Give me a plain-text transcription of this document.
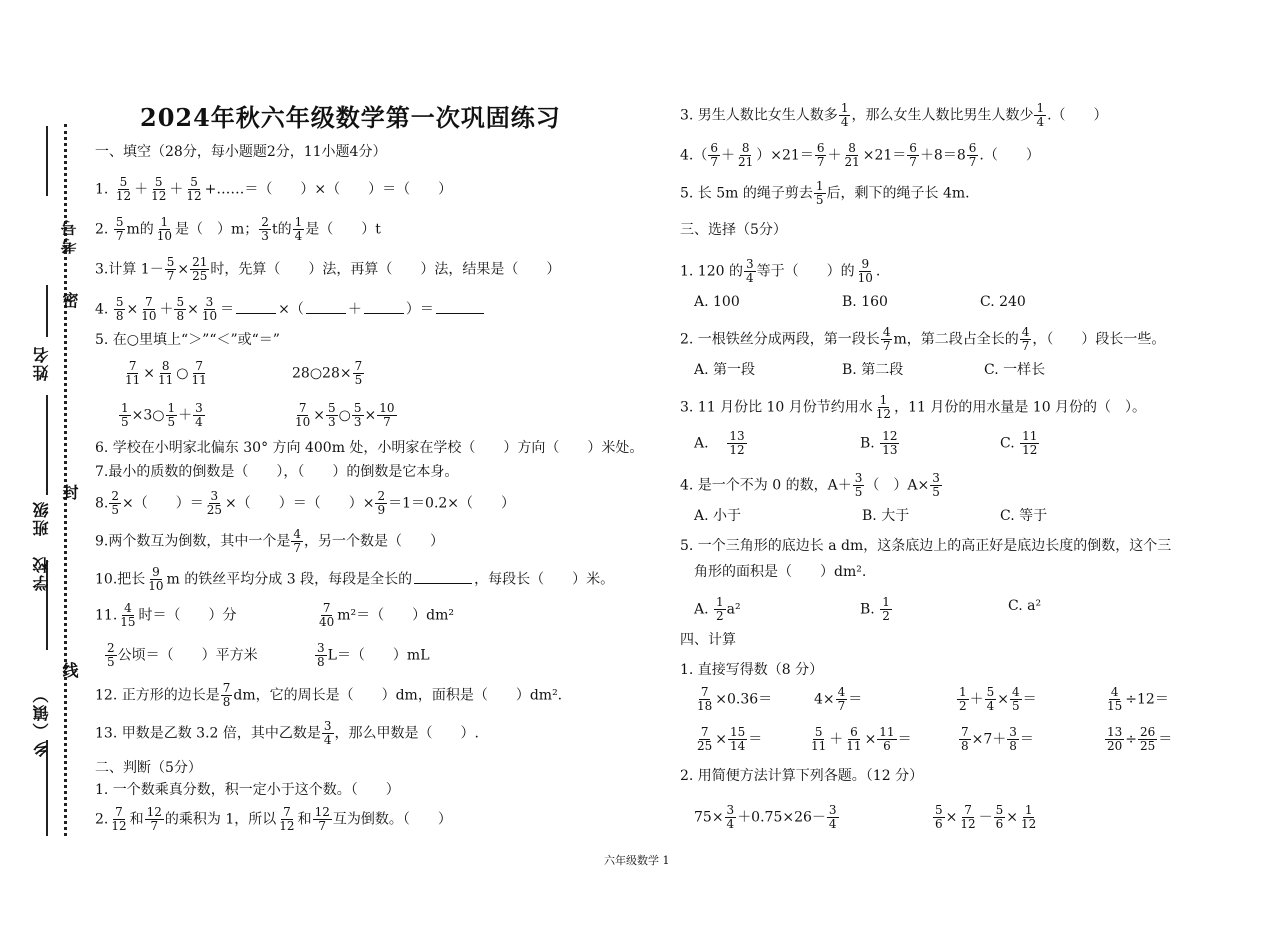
考号
密
姓名
封
班级
学校
线
乡（镇）
2024年秋六年级数学第一次巩固练习
一、填空（28分，每小题题2分，11小题4分）
1. $\frac{5}{12} + \frac{5}{12} + \frac{5}{12}$ +……＝（　　）×（　　）＝（　　）
2. $\frac{5}{7}$ m的 $\frac{1}{10}$ 是（　）m； $\frac{2}{3}$ t的 $\frac{1}{4}$ 是（　　）t
3.计算 $1- \frac{5}{7} \times \frac{21}{25}$ 时，先算（　　）法，再算（　　）法，结果是（　　）
4. $\frac{5}{8} \times \frac{7}{10} + \frac{5}{8} \times \frac{3}{10}$ ＝	×（	＋	）＝
5. 在○里填上“＞”“＜”或“＝”
$\frac{7}{11} \times \frac{8}{11}$ ○ $\frac{7}{11}$	28○28× $\frac{7}{5}$
$\frac{1}{5}$ ×3○ $\frac{1}{5} + \frac{3}{4}$	$\frac{7}{10} \times \frac{5}{3}$ ○ $\frac{5}{3} \times \frac{10}{7}$
6. 学校在小明家北偏东 30° 方向 400m 处，小明家在学校（　　）方向（　　）米处。
7.最小的质数的倒数是（　　），（　　）的倒数是它本身。
8. $\frac{2}{5}$ ×（　　）＝ $\frac{3}{25}$ ×（　　）＝（　　）× $\frac{2}{9} =1=0.2\times$（　　）
9.两个数互为倒数，其中一个是 $\frac{4}{7}$ ，另一个数是（　　）
10.把长 $\frac{9}{10}$ m 的铁丝平均分成 3 段，每段是全长的	，每段长（　　）米。
11. $\frac{4}{15}$ 时＝（　　）分	$\frac{7}{40} m^2=$（　　）dm²
$\frac{2}{5}$ 公顷＝（　　）平方米	$\frac{3}{8} L=$（　　）mL
12. 正方形的边长是 $\frac{7}{8}$ dm，它的周长是（　　）dm，面积是（　　）dm².
13. 甲数是乙数 3.2 倍，其中乙数是 $\frac{3}{4}$ ，那么甲数是（　　）.
二、判断（5分）
1. 一个数乘真分数，积一定小于这个数。（　　）
2. $\frac{7}{12}$ 和 $\frac{12}{7}$ 的乘积为 1，所以 $\frac{7}{12}$ 和 $\frac{12}{7}$ 互为倒数。（　　）
3. 男生人数比女生人数多 $\frac{1}{4}$ ，那么女生人数比男生人数少 $\frac{1}{4}$ .（　　）
$4.( \frac{6}{7} + \frac{8}{21} )\times 21= \frac{6}{7} + \frac{8}{21} \times 21= \frac{6}{7} +8=8 \frac{6}{7}$ .（　　）
5. 长 5m 的绳子剪去 $\frac{1}{5}$ 后，剩下的绳子长 4m.
三、选择（5分）
1. 120 的 $\frac{3}{4}$ 等于（　　）的 $\frac{9}{10}$ .
A. 100	B. 160	C. 240
2. 一根铁丝分成两段，第一段长 $\frac{4}{7}$ m，第二段占全长的 $\frac{4}{7}$ ，（　　）段长一些。
A. 第一段	B. 第二段	C. 一样长
3. 11 月份比 10 月份节约用水 $\frac{1}{12}$ ，11 月份的用水量是 10 月份的（　）。
A. $\frac{13}{12}$	B. $\frac{12}{13}$	C. $\frac{11}{12}$
4. 是一个不为 0 的数，$A+ \frac{3}{5}$ （　）$A\times \frac{3}{5}$
A. 小于	B. 大于	C. 等于
5. 一个三角形的底边长 a dm，这条底边上的高正好是底边长度的倒数，这个三
角形的面积是（　　）dm².
A. $\frac{1}{2} a^2$	B. $\frac{1}{2}$	C. a²
四、计算
1. 直接写得数（8 分）
$\frac{7}{18} \times 0.36=$	$4\times \frac{4}{7}$ ＝	$\frac{1}{2} + \frac{5}{4} \times \frac{4}{5}$ ＝	$\frac{4}{15} \div 12=$
$\frac{7}{25} \times \frac{15}{14}$ ＝	$\frac{5}{11} + \frac{6}{11} \times \frac{11}{6}$ ＝	$\frac{7}{8} \times 7+ \frac{3}{8}$ ＝	$\frac{13}{20} \div \frac{26}{25}$ ＝
2. 用简便方法计算下列各题。（12 分）
$75\times \frac{3}{4} +0.75\times 26- \frac{3}{4}$	$\frac{5}{6} \times \frac{7}{12} - \frac{5}{6} \times \frac{1}{12}$
六年级数学 1
